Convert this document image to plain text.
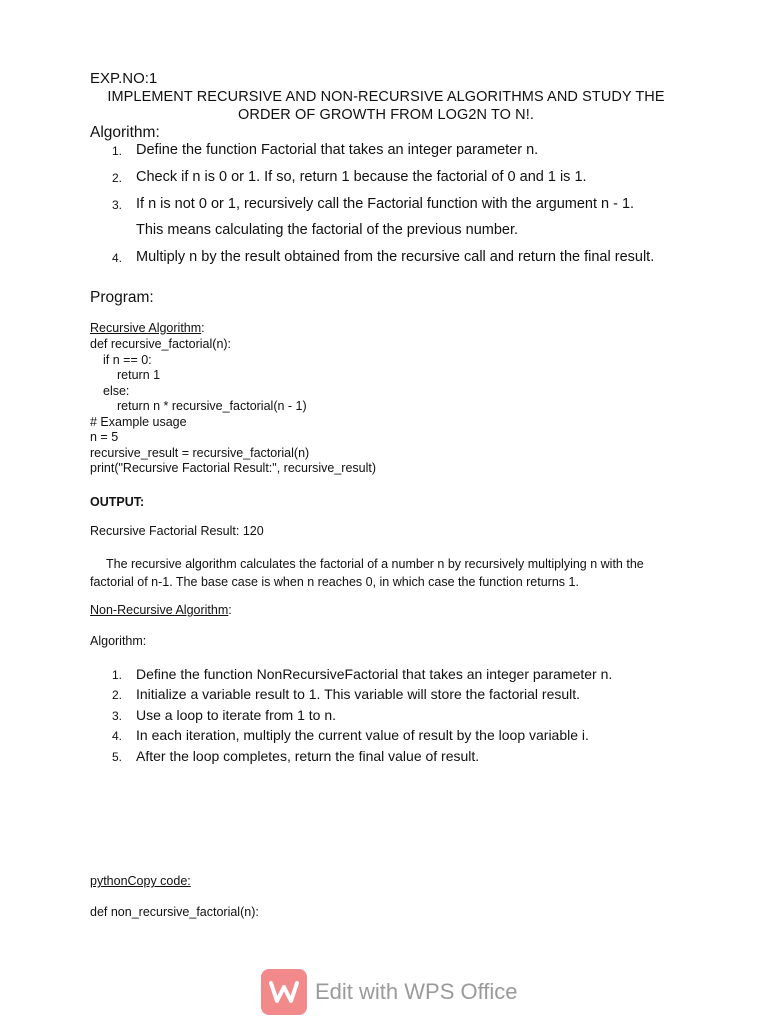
EXP.NO:1
IMPLEMENT RECURSIVE AND NON-RECURSIVE ALGORITHMS AND STUDY THE
ORDER OF GROWTH FROM LOG2N TO N!.
Algorithm:
1. Define the function Factorial that takes an integer parameter n.
2. Check if n is 0 or 1. If so, return 1 because the factorial of 0 and 1 is 1.
3. If n is not 0 or 1, recursively call the Factorial function with the argument n - 1.
4. Multiply n by the result obtained from the recursive call and return the final result.
This means calculating the factorial of the previous number.
Program:
Recursive Algorithm:
def recursive_factorial(n):
if n == 0:
return 1
else:
return n * recursive_factorial(n - 1)
# Example usage
n = 5
recursive_result = recursive_factorial(n)
print("Recursive Factorial Result:", recursive_result)
OUTPUT:
Recursive Factorial Result: 120
The recursive algorithm calculates the factorial of a number n by recursively multiplying n with the factorial of n-1. The base case is when n reaches 0, in which case the function returns 1.
Non-Recursive Algorithm:
Algorithm:
1. Define the function NonRecursiveFactorial that takes an integer parameter n.
2. Initialize a variable result to 1. This variable will store the factorial result.
3. Use a loop to iterate from 1 to n.
4. In each iteration, multiply the current value of result by the loop variable i.
5. After the loop completes, return the final value of result.
pythonCopy code:
def non_recursive_factorial(n):
Edit with WPS Office
